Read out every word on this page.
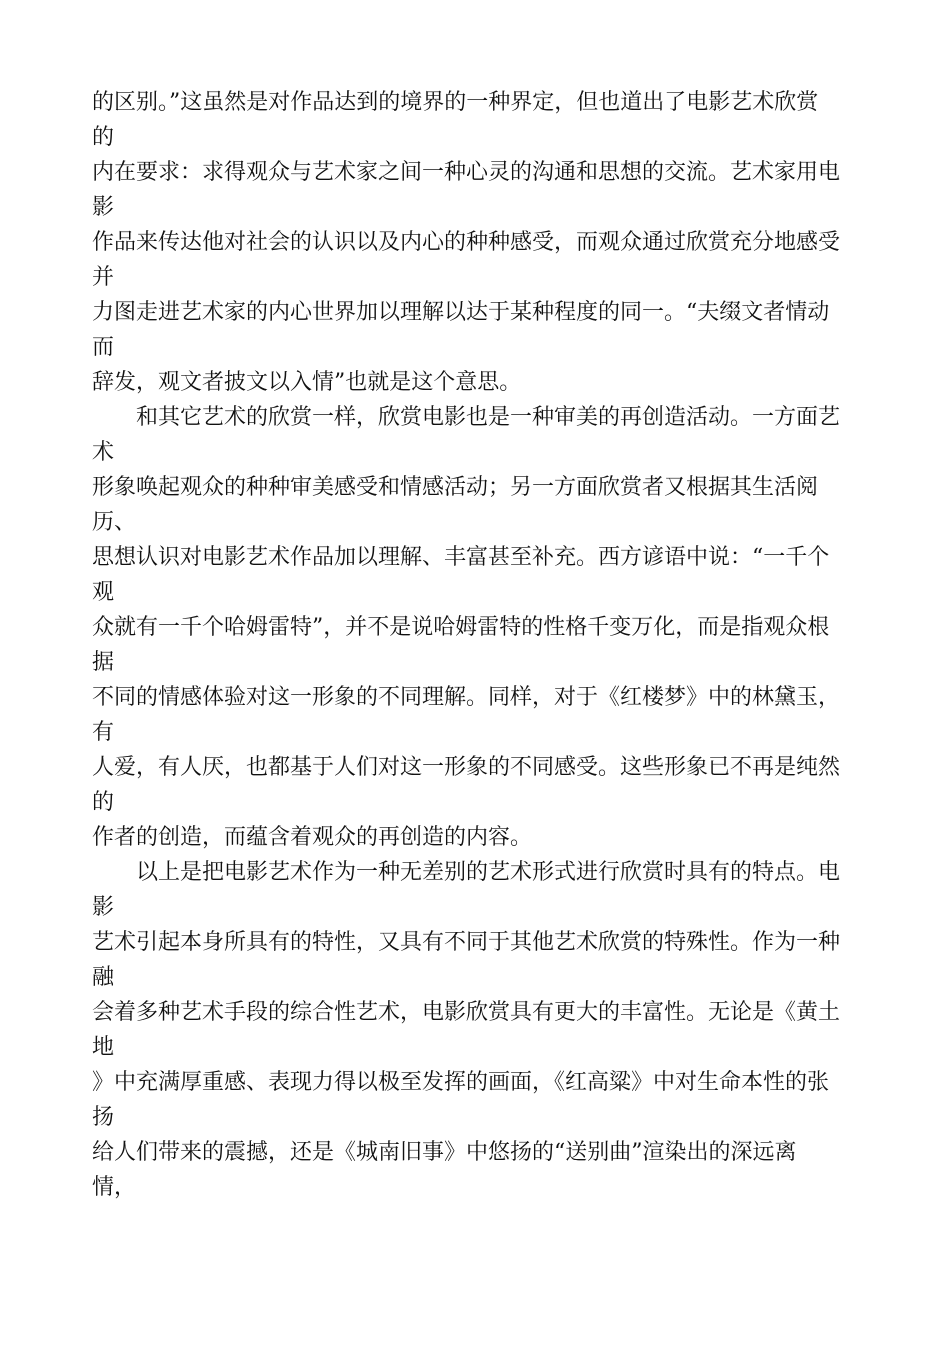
的区别。”这虽然是对作品达到的境界的一种界定，但也道出了电影艺术欣赏
的
内在要求：求得观众与艺术家之间一种心灵的沟通和思想的交流。艺术家用电
影
作品来传达他对社会的认识以及内心的种种感受，而观众通过欣赏充分地感受
并
力图走进艺术家的内心世界加以理解以达于某种程度的同一。“夫缀文者情动
而
辞发，观文者披文以入情”也就是这个意思。
　　和其它艺术的欣赏一样，欣赏电影也是一种审美的再创造活动。一方面艺
术
形象唤起观众的种种审美感受和情感活动；另一方面欣赏者又根据其生活阅
历、
思想认识对电影艺术作品加以理解、丰富甚至补充。西方谚语中说：“一千个
观
众就有一千个哈姆雷特”，并不是说哈姆雷特的性格千变万化，而是指观众根
据
不同的情感体验对这一形象的不同理解。同样，对于《红楼梦》中的林黛玉，
有
人爱，有人厌，也都基于人们对这一形象的不同感受。这些形象已不再是纯然
的
作者的创造，而蕴含着观众的再创造的内容。
　　以上是把电影艺术作为一种无差别的艺术形式进行欣赏时具有的特点。电
影
艺术引起本身所具有的特性，又具有不同于其他艺术欣赏的特殊性。作为一种
融
会着多种艺术手段的综合性艺术，电影欣赏具有更大的丰富性。无论是《黄土
地
》中充满厚重感、表现力得以极至发挥的画面，《红高粱》中对生命本性的张
扬
给人们带来的震撼，还是《城南旧事》中悠扬的“送别曲”渲染出的深远离
情，
